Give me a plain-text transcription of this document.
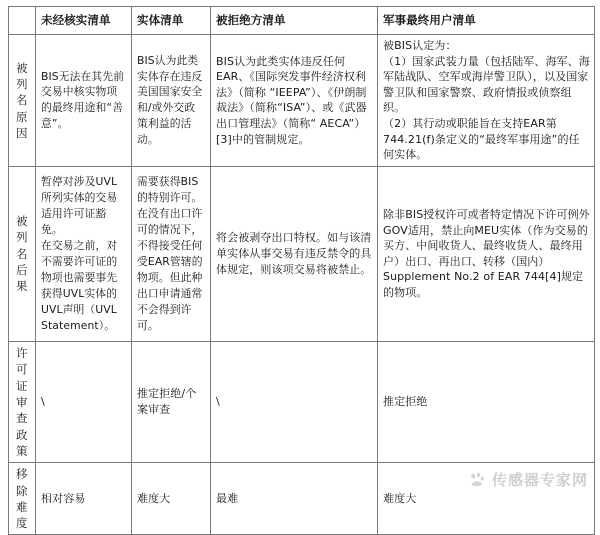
	未经核实清单	实体清单	被拒绝方清单	军事最终用户清单

被列名原因	BIS无法在其先前交易中核实物项的最终用途和“善意”。	BIS认为此类实体存在违反美国国家安全和/或外交政策利益的活动。	BIS认为此类实体违反任何EAR、《国际突发事件经济权利法》（简称 “IEEPA”）、《伊朗制裁法》（简称“ISA”）、或《武器出口管理法》（简称“ AECA”）[3]中的管制规定。	被BIS认定为：

（1）国家武装力量（包括陆军、海军、海军陆战队、空军或海岸警卫队），以及国家警卫队和国家警察、政府情报或侦察组织。

（2）其行动或职能旨在支持EAR第744.21(f)条定义的“最终军事用途”的任何实体。

被列名后果	暂停对涉及UVL所列实体的交易适用许可证豁免。

在交易之前，对不需要许可证的物项也需要事先获得UVL实体的UVL声明（UVL Statement）。	需要获得BIS的特别许可。在没有出口许可的情况下，不得接受任何受EAR管辖的物项。但此种出口申请通常不会得到许可。	将会被剥夺出口特权。如与该清单实体从事交易有违反禁令的具体规定，则该项交易将被禁止。	除非BIS授权许可或者特定情况下许可例外GOV适用，禁止向MEU实体（作为交易的买方、中间收货人、最终收货人、最终用户）出口、再出口、转移（国内）Supplement No.2 of EAR 744[4]规定的物项。

许可证审查政策	\	推定拒绝/个案审查	\	推定拒绝

移除难度	相对容易	难度大	最难	难度大
传感器专家网
